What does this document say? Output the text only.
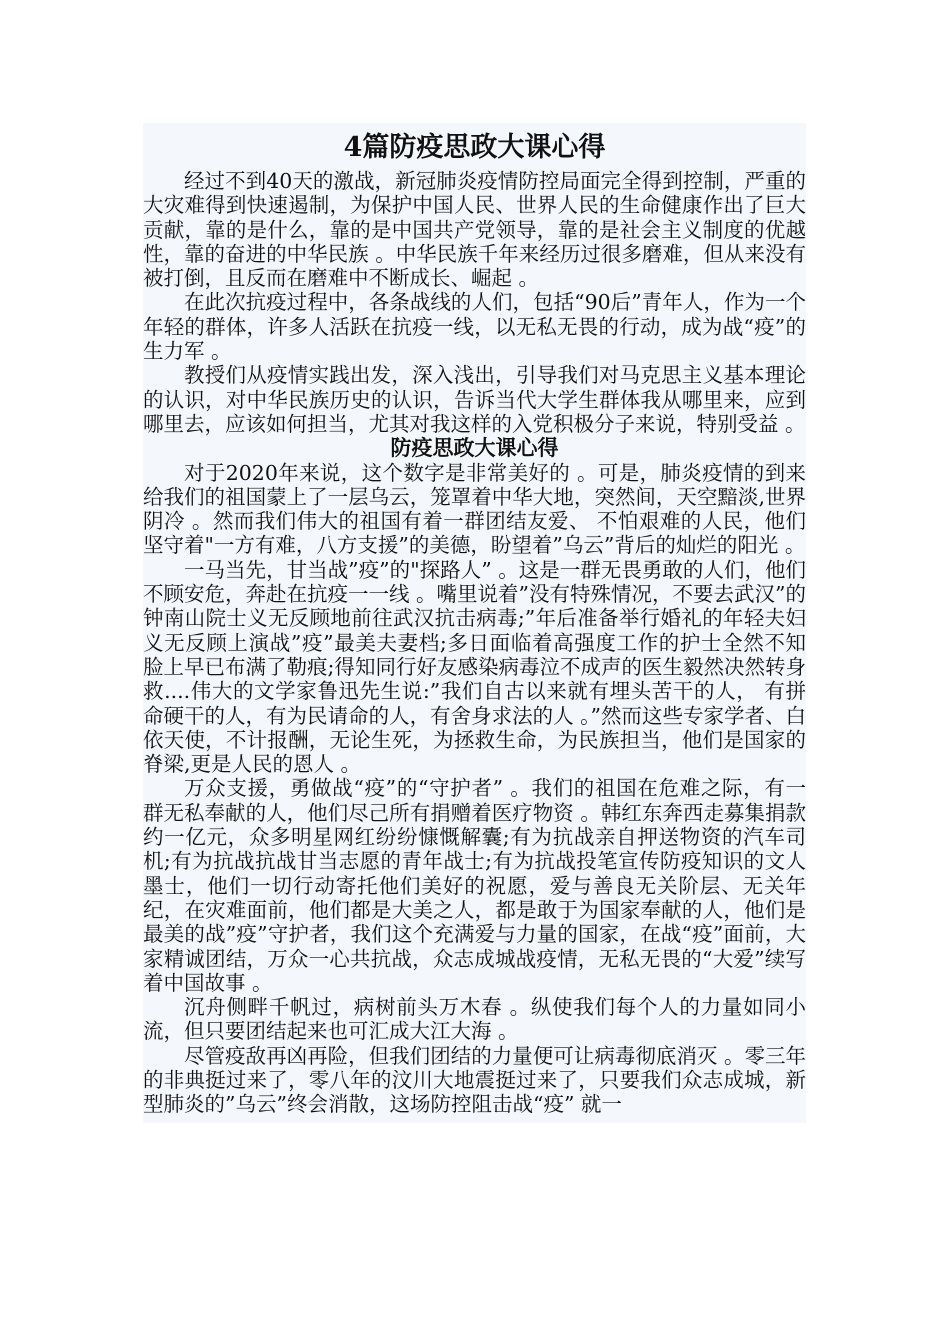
4篇防疫思政大课心得

经过不到40天的激战，新冠肺炎疫情防控局面完全得到控制，严重的大灾难得到快速遏制，为保护中国人民、世界人民的生命健康作出了巨大贡献，靠的是什么，靠的是中国共产党领导，靠的是社会主义制度的优越性，靠的奋进的中华民族 。中华民族千年来经历过很多磨难，但从来没有被打倒，且反而在磨难中不断成长、崛起 。

在此次抗疫过程中，各条战线的人们，包括“90后”青年人，作为一个年轻的群体，许多人活跃在抗疫一线，以无私无畏的行动，成为战“疫”的生力军 。

教授们从疫情实践出发，深入浅出，引导我们对马克思主义基本理论的认识，对中华民族历史的认识，告诉当代大学生群体我从哪里来，应到哪里去，应该如何担当，尤其对我这样的入党积极分子来说，特别受益 。

防疫思政大课心得

对于2020年来说，这个数字是非常美好的 。可是，肺炎疫情的到来给我们的祖国蒙上了一层乌云，笼罩着中华大地，突然间，天空黯淡,世界阴冷 。然而我们伟大的祖国有着一群团结友爱、 不怕艰难的人民，他们坚守着"一方有难，八方支援”的美德，盼望着”乌云”背后的灿烂的阳光 。

一马当先，甘当战”疫”的"探路人” 。这是一群无畏勇敢的人们，他们不顾安危，奔赴在抗疫一一线 。嘴里说着”没有特殊情况，不要去武汉”的钟南山院士义无反顾地前往武汉抗击病毒;”年后准备举行婚礼的年轻夫妇义无反顾上演战”疫”最美夫妻档;多日面临着高强度工作的护士全然不知脸上早已布满了勒痕;得知同行好友感染病毒泣不成声的医生毅然决然转身救....伟大的文学家鲁迅先生说:”我们自古以来就有埋头苦干的人， 有拼命硬干的人，有为民请命的人，有舍身求法的人 。”然而这些专家学者、白依天使，不计报酬，无论生死，为拯救生命，为民族担当，他们是国家的脊梁,更是人民的恩人 。

万众支援，勇做战“疫”的“守护者” 。我们的祖国在危难之际，有一群无私奉献的人，他们尽己所有捐赠着医疗物资 。韩红东奔西走募集捐款约一亿元，众多明星网红纷纷慷慨解囊;有为抗战亲自押送物资的汽车司机;有为抗战抗战甘当志愿的青年战士;有为抗战投笔宣传防疫知识的文人墨士，他们一切行动寄托他们美好的祝愿，爱与善良无关阶层、无关年纪，在灾难面前，他们都是大美之人，都是敢于为国家奉献的人，他们是最美的战”疫”守护者，我们这个充满爱与力量的国家，在战“疫”面前，大家精诚团结，万众一心共抗战，众志成城战疫情，无私无畏的“大爱”续写着中国故事 。

沉舟侧畔千帆过，病树前头万木春 。纵使我们每个人的力量如同小流，但只要团结起来也可汇成大江大海 。

尽管疫敌再凶再险，但我们团结的力量便可让病毒彻底消灭 。零三年的非典挺过来了，零八年的汶川大地震挺过来了，只要我们众志成城，新型肺炎的”乌云”终会消散，这场防控阻击战“疫” 就一
